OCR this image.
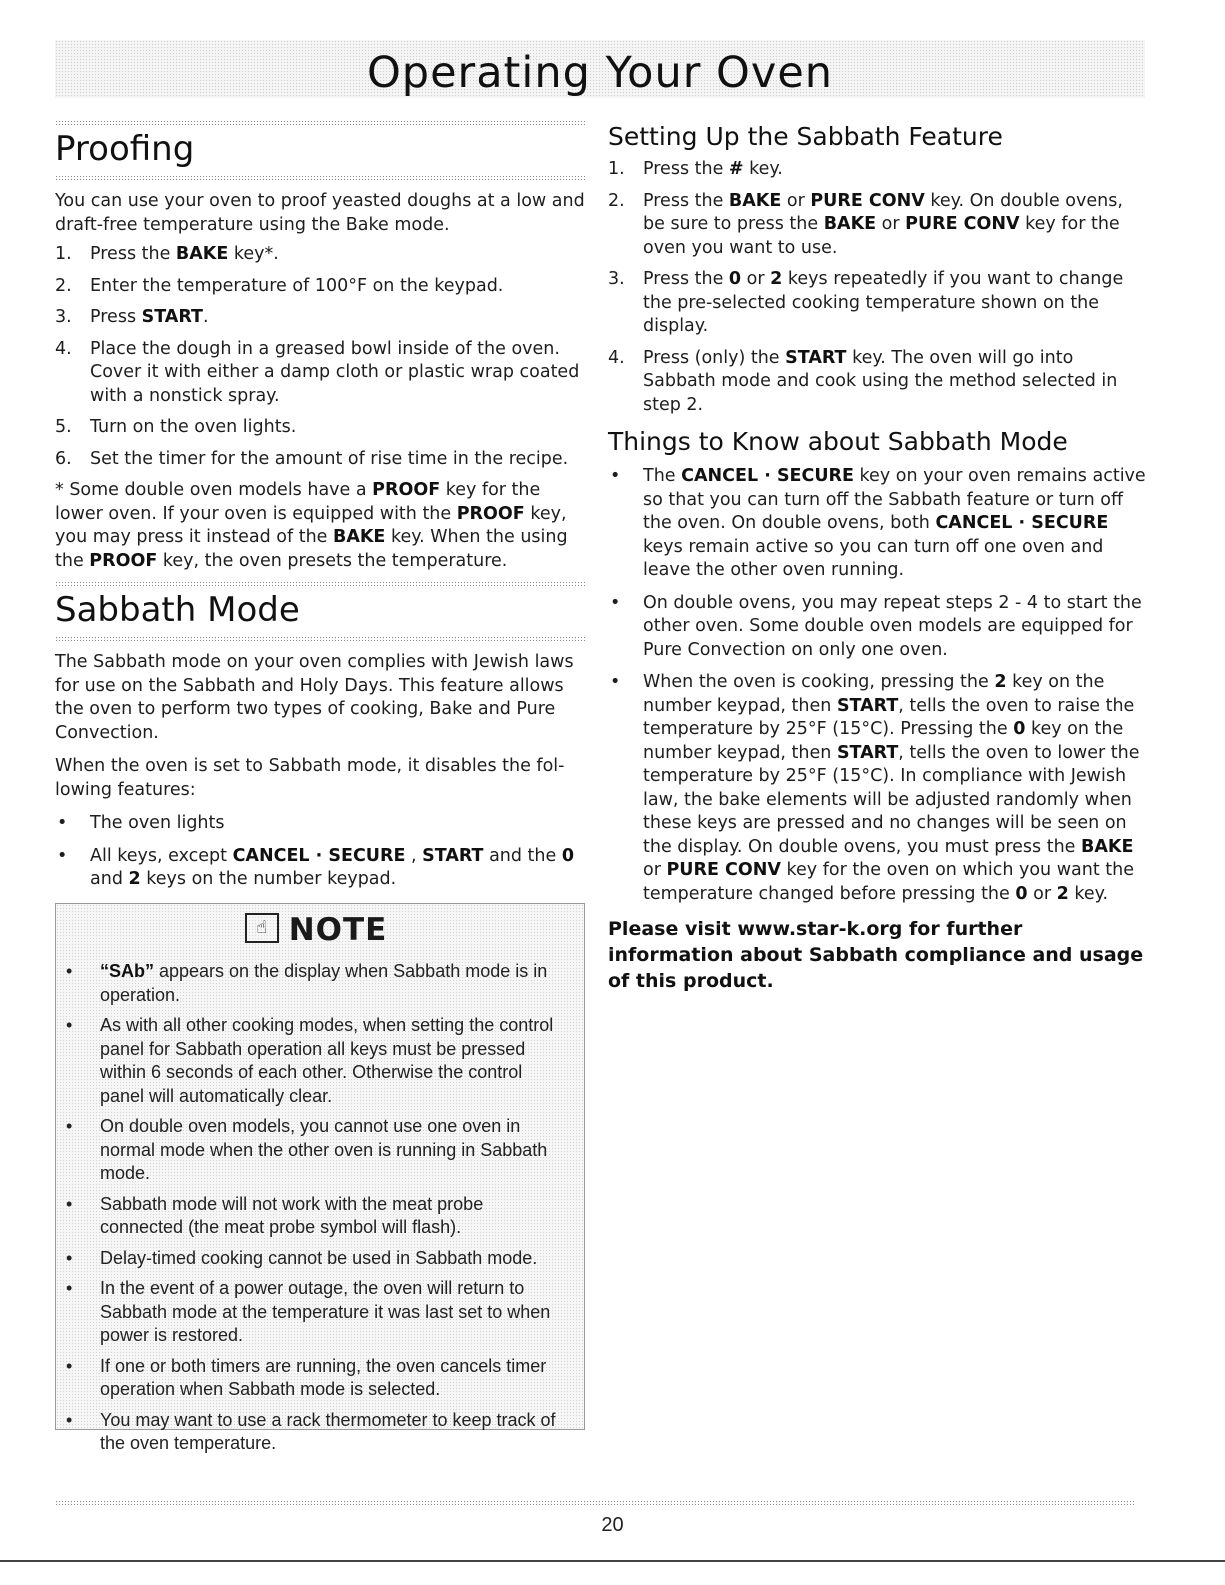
Operating Your Oven
Proofing

You can use your oven to proof yeasted doughs at a low and draft-free temperature using the Bake mode.

1. Press the BAKE key*.
2. Enter the temperature of 100°F on the keypad.
3. Press START.
4. Place the dough in a greased bowl inside of the oven. Cover it with either a damp cloth or plastic wrap coated with a nonstick spray.
5. Turn on the oven lights.
6. Set the timer for the amount of rise time in the recipe.

* Some double oven models have a PROOF key for the lower oven. If your oven is equipped with the PROOF key, you may press it instead of the BAKE key. When the using the PROOF key, the oven presets the temperature.

Sabbath Mode

The Sabbath mode on your oven complies with Jewish laws for use on the Sabbath and Holy Days. This feature allows the oven to perform two types of cooking, Bake and Pure Convection.

When the oven is set to Sabbath mode, it disables the fol-lowing features:

• The oven lights
• All keys, except CANCEL · SECURE , START and the 0 and 2 keys on the number keypad.
☝ NOTE
• “SAb” appears on the display when Sabbath mode is in operation.
• As with all other cooking modes, when setting the control panel for Sabbath operation all keys must be pressed within 6 seconds of each other. Otherwise the control panel will automatically clear.
• On double oven models, you cannot use one oven in normal mode when the other oven is running in Sabbath mode.
• Sabbath mode will not work with the meat probe connected (the meat probe symbol will flash).
• Delay-timed cooking cannot be used in Sabbath mode.
• In the event of a power outage, the oven will return to Sabbath mode at the temperature it was last set to when power is restored.
• If one or both timers are running, the oven cancels timer operation when Sabbath mode is selected.
• You may want to use a rack thermometer to keep track of the oven temperature.
Setting Up the Sabbath Feature
1. Press the # key.
2. Press the BAKE or PURE CONV key. On double ovens, be sure to press the BAKE or PURE CONV key for the oven you want to use.
3. Press the 0 or 2 keys repeatedly if you want to change the pre-selected cooking temperature shown on the display.
4. Press (only) the START key. The oven will go into Sabbath mode and cook using the method selected in step 2.
Things to Know about Sabbath Mode
• The CANCEL · SECURE key on your oven remains active so that you can turn off the Sabbath feature or turn off the oven. On double ovens, both CANCEL · SECURE keys remain active so you can turn off one oven and leave the other oven running.
• On double ovens, you may repeat steps 2 - 4 to start the other oven. Some double oven models are equipped for Pure Convection on only one oven.
• When the oven is cooking, pressing the 2 key on the number keypad, then START, tells the oven to raise the temperature by 25°F (15°C). Pressing the 0 key on the number keypad, then START, tells the oven to lower the temperature by 25°F (15°C). In compliance with Jewish law, the bake elements will be adjusted randomly when these keys are pressed and no changes will be seen on the display. On double ovens, you must press the BAKE or PURE CONV key for the oven on which you want the temperature changed before pressing the 0 or 2 key.

Please visit www.star-k.org for further information about Sabbath compliance and usage of this product.

20
